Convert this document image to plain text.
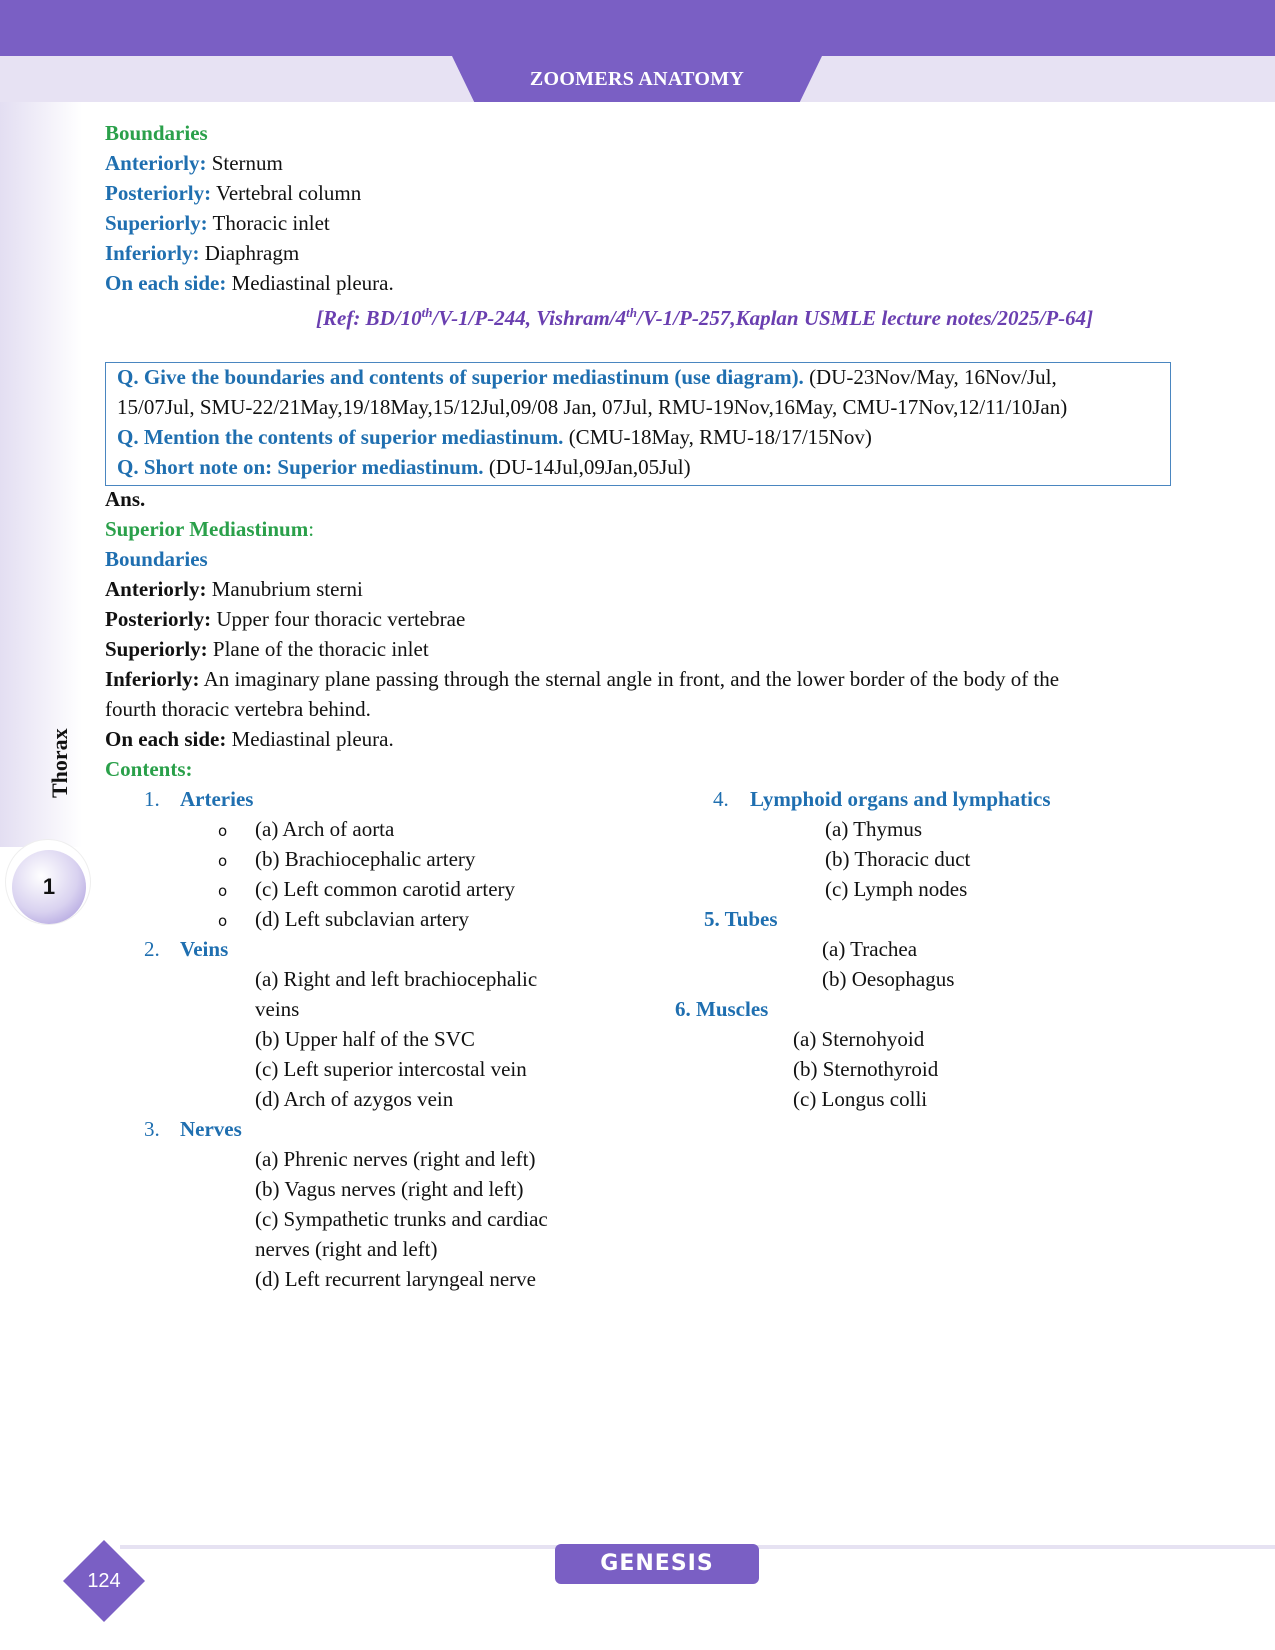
ZOOMERS ANATOMY
Thorax
1
Boundaries
Anteriorly: Sternum
Posteriorly: Vertebral column
Superiorly: Thoracic inlet
Inferiorly: Diaphragm
On each side: Mediastinal pleura.
[Ref: BD/10th/V-1/P-244, Vishram/4th/V-1/P-257,Kaplan USMLE lecture notes/2025/P-64]
Q. Give the boundaries and contents of superior mediastinum (use diagram). (DU-23Nov/May, 16Nov/Jul,
15/07Jul, SMU-22/21May,19/18May,15/12Jul,09/08 Jan, 07Jul, RMU-19Nov,16May, CMU-17Nov,12/11/10Jan)
Q. Mention the contents of superior mediastinum. (CMU-18May, RMU-18/17/15Nov)
Q. Short note on: Superior mediastinum. (DU-14Jul,09Jan,05Jul)
Ans.
Superior Mediastinum:
Boundaries
Anteriorly: Manubrium sterni
Posteriorly: Upper four thoracic vertebrae
Superiorly: Plane of the thoracic inlet
Inferiorly: An imaginary plane passing through the sternal angle in front, and the lower border of the body of the
fourth thoracic vertebra behind.
On each side: Mediastinal pleura.
Contents:
1. Arteries
o (a) Arch of aorta
o (b) Brachiocephalic artery
o (c) Left common carotid artery
o (d) Left subclavian artery
2. Veins
(a) Right and left brachiocephalic
veins
(b) Upper half of the SVC
(c) Left superior intercostal vein
(d) Arch of azygos vein
3. Nerves
(a) Phrenic nerves (right and left)
(b) Vagus nerves (right and left)
(c) Sympathetic trunks and cardiac
nerves (right and left)
(d) Left recurrent laryngeal nerve
4. Lymphoid organs and lymphatics
(a) Thymus
(b) Thoracic duct
(c) Lymph nodes
5. Tubes
(a) Trachea
(b) Oesophagus
6. Muscles
(a) Sternohyoid
(b) Sternothyroid
(c) Longus colli
GENESIS
124
